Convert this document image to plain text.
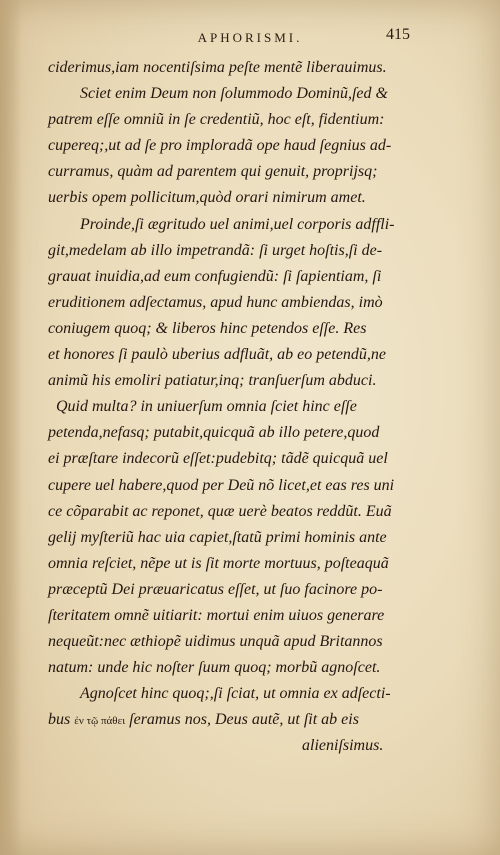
APHORISMI.	415
ciderimus,iam nocentiſsima peſte mentẽ liberauimus.
Sciet enim Deum non ſolummodo Dominũ,ſed &
patrem eſſe omniũ in ſe credentiũ, hoc eſt, fidentium:
cupereq;,ut ad ſe pro imploradã ope haud ſegnius ad-
curramus, quàm ad parentem qui genuit, proprijsq;
uerbis opem pollicitum,quòd orari nimirum amet.
Proinde,ſi ægritudo uel animi,uel corporis adffli-
git,medelam ab illo impetrandã: ſi urget hoſtis,ſi de-
grauat inuidia,ad eum confugiendũ: ſi ſapientiam, ſi
eruditionem adſectamus, apud hunc ambiendas, imò
coniugem quoq; & liberos hinc petendos eſſe. Res
et honores ſi paulò uberius adfluãt, ab eo petendũ,ne
animũ his emoliri patiatur,inq; tranſuerſum abduci.
Quid multa? in uniuerſum omnia ſciet hinc eſſe
petenda,nefasq; putabit,quicquã ab illo petere,quod
ei præſtare indecorũ eſſet:pudebitq; tãdẽ quicquã uel
cupere uel habere,quod per Deũ nõ licet,et eas res uni
ce cõparabit ac reponet, quæ uerè beatos reddũt. Euã
gelij myſteriũ hac uia capiet,ſtatũ primi hominis ante
omnia reſciet, nẽpe ut is ſit morte mortuus, poſteaquã
præceptũ Dei præuaricatus eſſet, ut ſuo facinore po-
ſteritatem omnẽ uitiarit: mortui enim uiuos generare
nequeũt:nec æthiopẽ uidimus unquã apud Britannos
natum: unde hic noſter ſuum quoq; morbũ agnoſcet.
Agnoſcet hinc quoq;,ſi ſciat, ut omnia ex adſecti-
bus ἐν τῷ πάθει ſeramus nos, Deus autẽ, ut ſit ab eis
alieniſsimus.
